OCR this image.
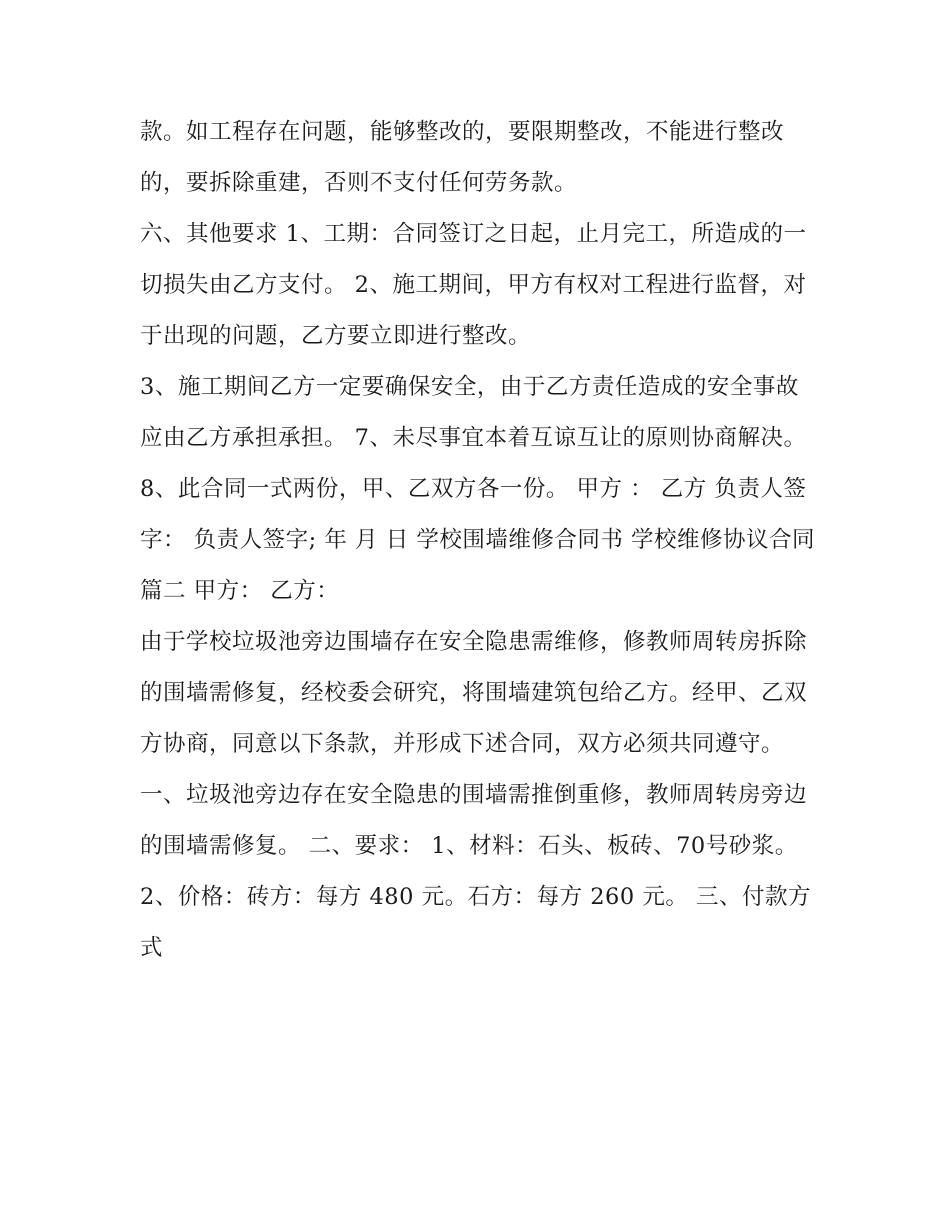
款。如工程存在问题，能够整改的，要限期整改，不能进行整改的，要拆除重建，否则不支付任何劳务款。

六、其他要求 1、工期：合同签订之日起，止月完工，所造成的一切损失由乙方支付。 2、施工期间，甲方有权对工程进行监督，对于出现的问题，乙方要立即进行整改。

3、施工期间乙方一定要确保安全，由于乙方责任造成的安全事故应由乙方承担承担。 7、未尽事宜本着互谅互让的原则协商解决。

8、此合同一式两份，甲、乙双方各一份。 甲方 ： 乙方 负责人签字： 负责人签字; 年 月 日 学校围墙维修合同书 学校维修协议合同篇二 甲方： 乙方：

由于学校垃圾池旁边围墙存在安全隐患需维修，修教师周转房拆除的围墙需修复，经校委会研究，将围墙建筑包给乙方。经甲、乙双方协商，同意以下条款，并形成下述合同，双方必须共同遵守。

一、垃圾池旁边存在安全隐患的围墙需推倒重修，教师周转房旁边的围墙需修复。 二、要求： 1、材料：石头、板砖、70号砂浆。

2、价格：砖方：每方 480 元。石方：每方 260 元。 三、付款方式
